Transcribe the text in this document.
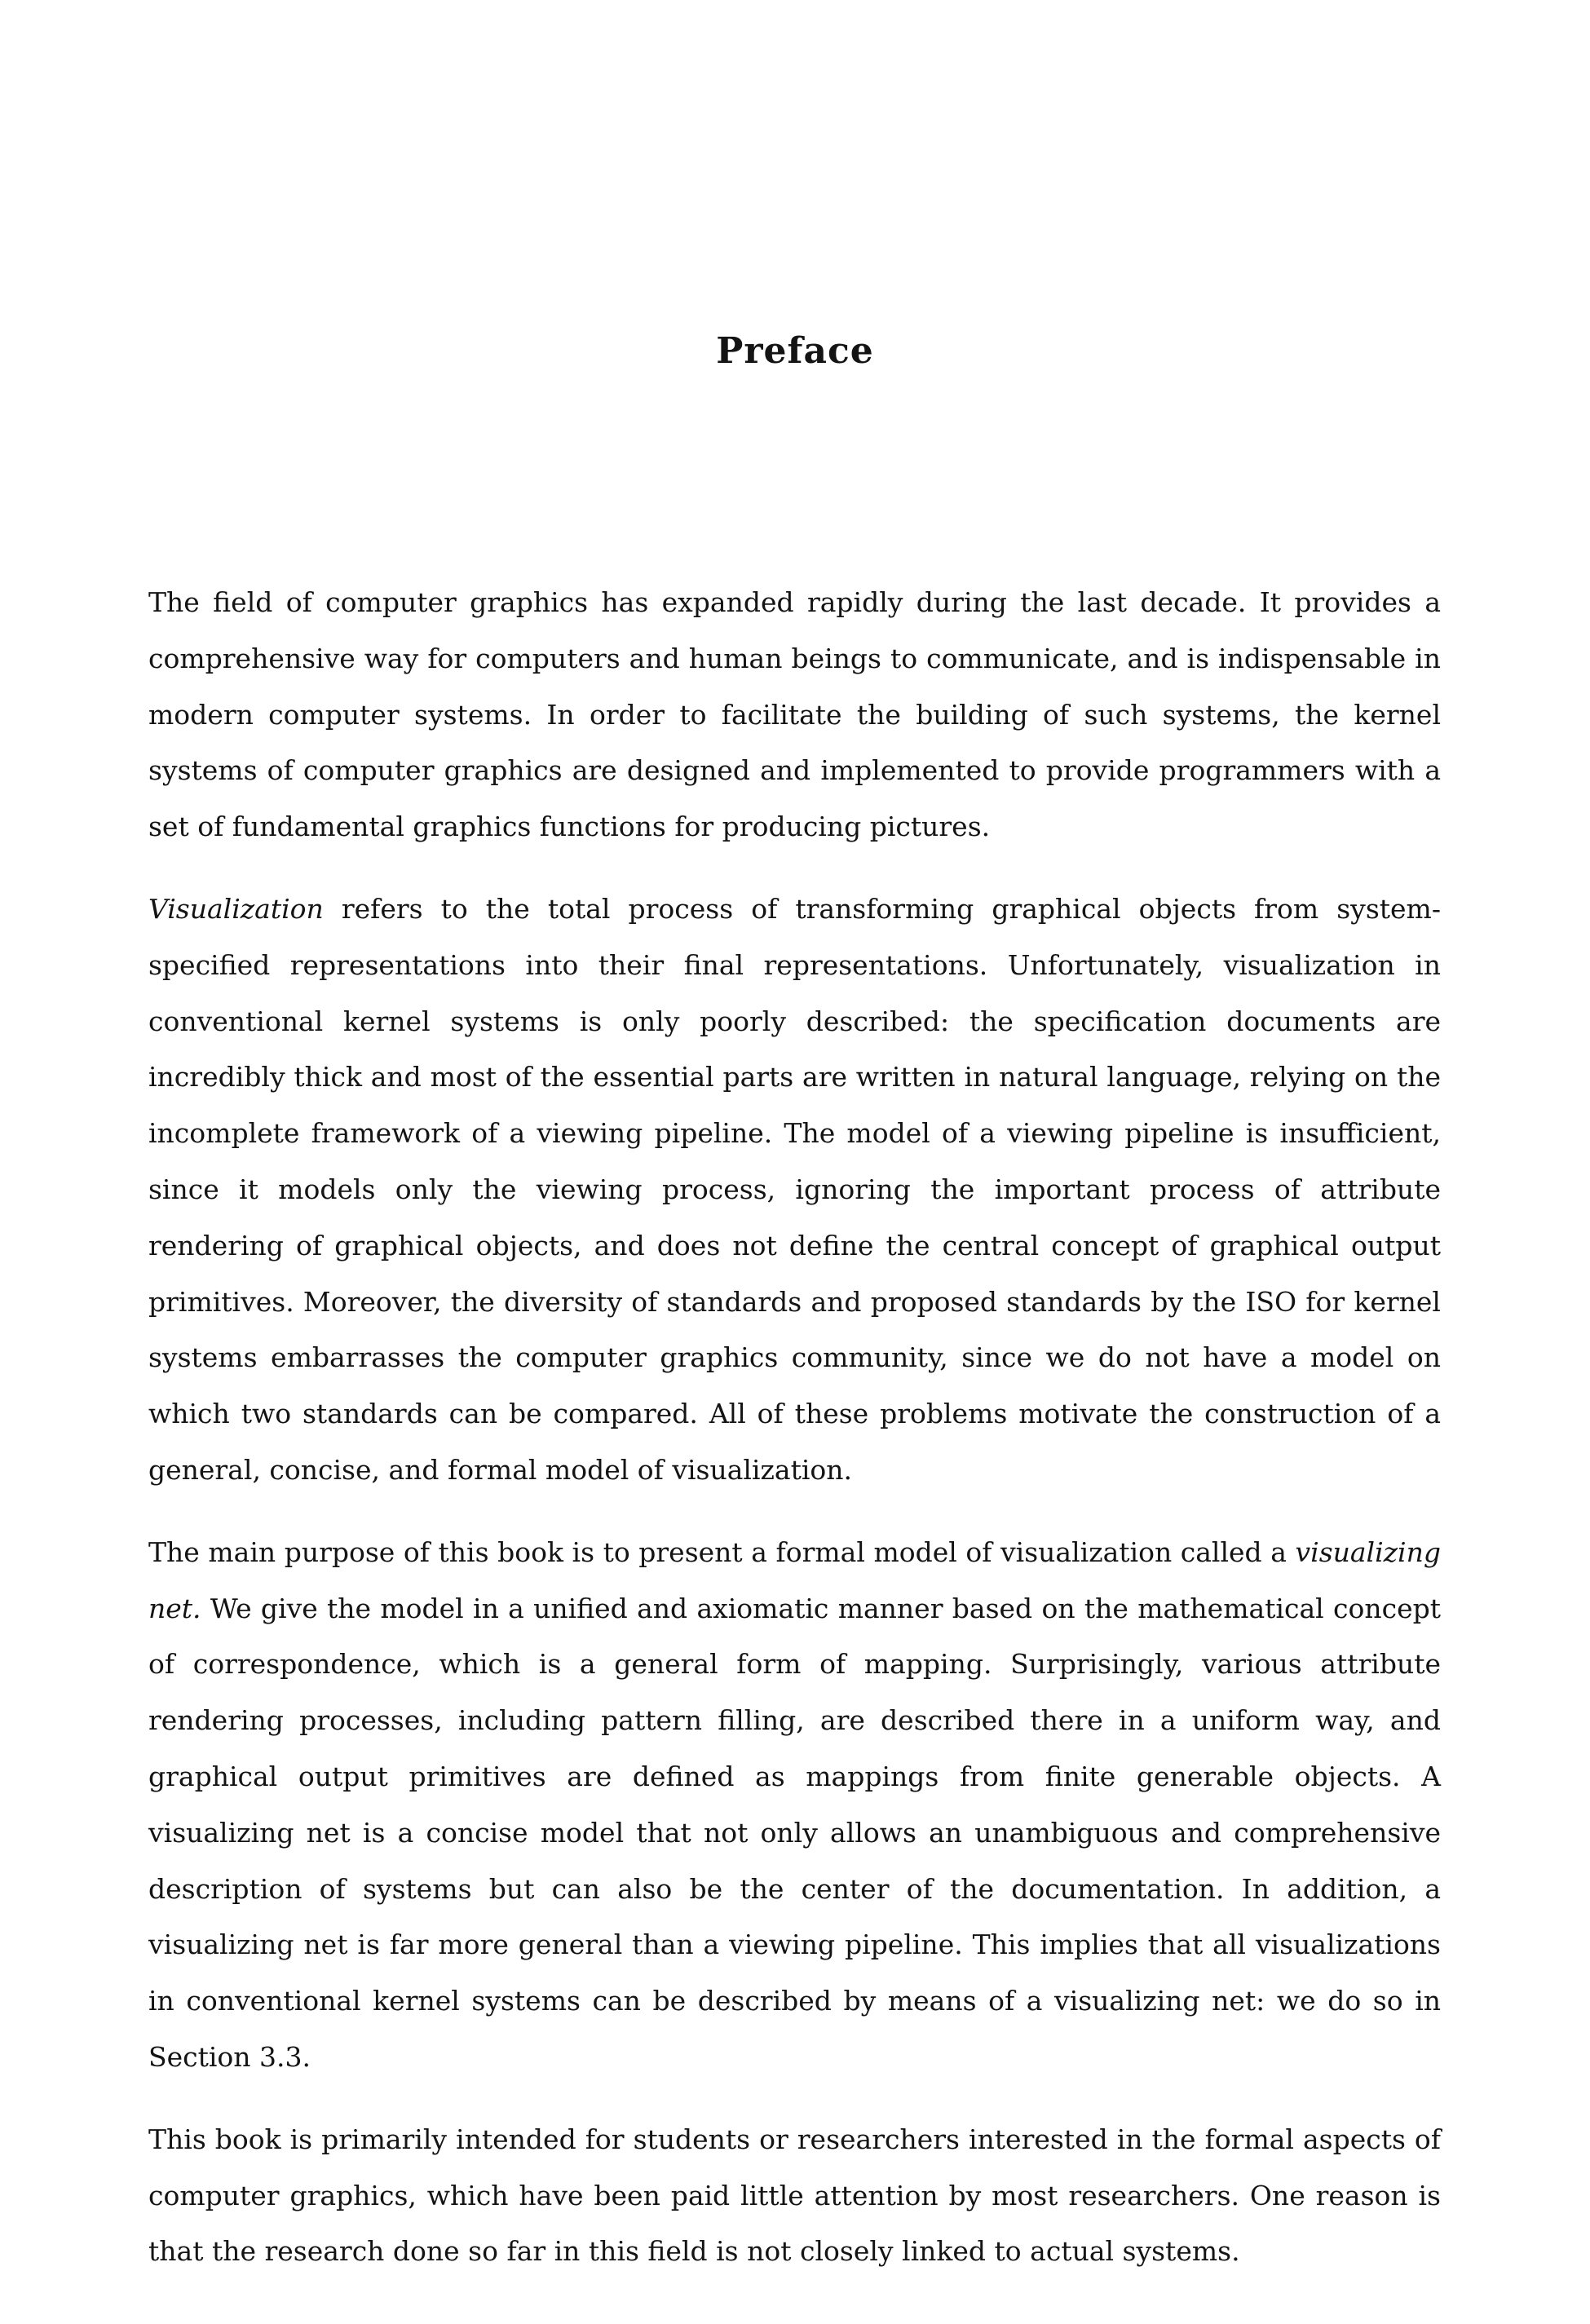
Preface

The field of computer graphics has expanded rapidly during the last decade. It provides a comprehensive way for computers and human beings to communicate, and is indispensable in modern computer systems. In order to facilitate the building of such systems, the kernel systems of computer graphics are designed and implemented to provide programmers with a set of fundamental graphics functions for producing pictures.

Visualization refers to the total process of transforming graphical objects from system-specified representations into their final representations. Unfortunately, visualization in conventional kernel systems is only poorly described: the specification documents are incredibly thick and most of the essential parts are written in natural language, relying on the incomplete framework of a viewing pipeline. The model of a viewing pipeline is insufficient, since it models only the viewing process, ignoring the important process of attribute rendering of graphical objects, and does not define the central concept of graphical output primitives. Moreover, the diversity of standards and proposed standards by the ISO for kernel systems embarrasses the computer graphics community, since we do not have a model on which two standards can be compared. All of these problems motivate the construction of a general, concise, and formal model of visualization.

The main purpose of this book is to present a formal model of visualization called a visualizing net. We give the model in a unified and axiomatic manner based on the mathematical concept of correspondence, which is a general form of mapping. Surprisingly, various attribute rendering processes, including pattern filling, are described there in a uniform way, and graphical output primitives are defined as mappings from finite generable objects. A visualizing net is a concise model that not only allows an unambiguous and comprehensive description of systems but can also be the center of the documentation. In addition, a visualizing net is far more general than a viewing pipeline. This implies that all visualizations in conventional kernel systems can be described by means of a visualizing net: we do so in Section 3.3.

This book is primarily intended for students or researchers interested in the formal aspects of computer graphics, which have been paid little attention by most researchers. One reason is that the research done so far in this field is not closely linked to actual systems.
